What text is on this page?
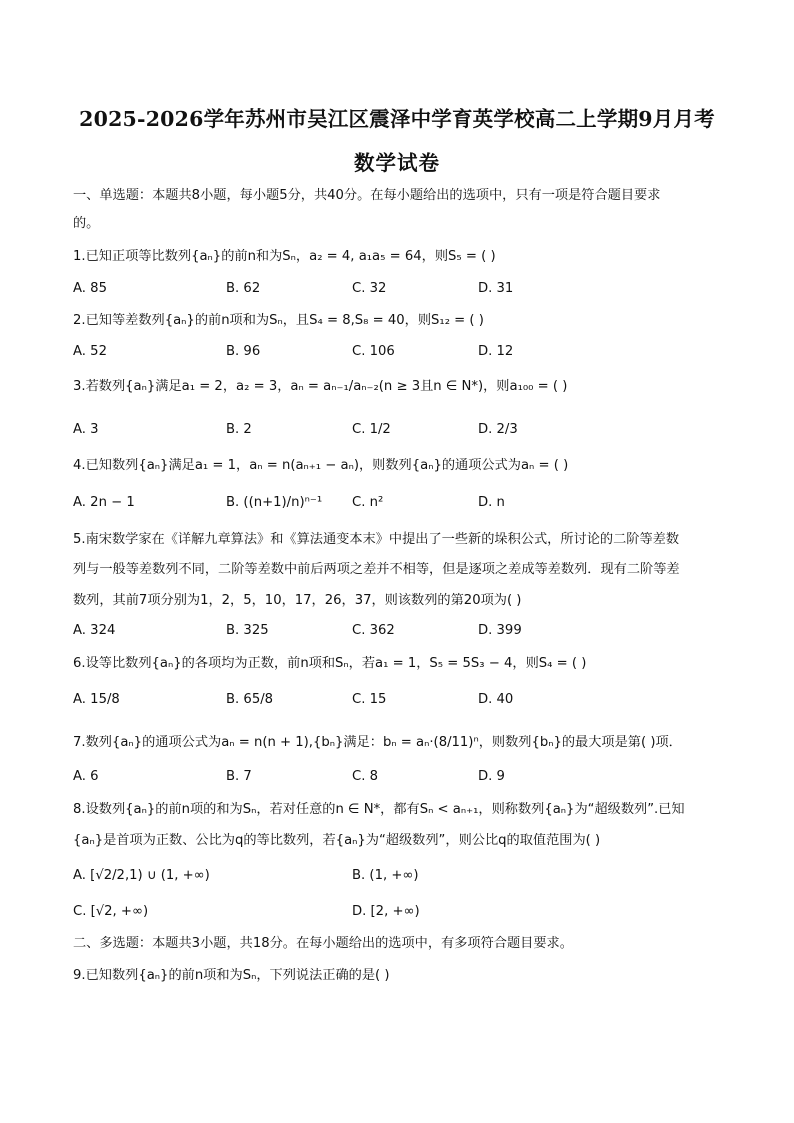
2025-2026学年苏州市吴江区震泽中学育英学校高二上学期9月月考
数学试卷
一、单选题：本题共8小题，每小题5分，共40分。在每小题给出的选项中，只有一项是符合题目要求
的。
1.已知正项等比数列{aₙ}的前n和为Sₙ，a₂ = 4, a₁a₅ = 64，则S₅ = ( )
A. 85	B. 62	C. 32	D. 31
2.已知等差数列{aₙ}的前n项和为Sₙ，且S₄ = 8,S₈ = 40，则S₁₂ = ( )
A. 52	B. 96	C. 106	D. 12
3.若数列{aₙ}满足a₁ = 2，a₂ = 3，aₙ = aₙ₋₁/aₙ₋₂(n ≥ 3且n ∈ N*)，则a₁₀₀ = ( )
A. 3	B. 2	C. 1/2	D. 2/3
4.已知数列{aₙ}满足a₁ = 1，aₙ = n(aₙ₊₁ − aₙ)，则数列{aₙ}的通项公式为aₙ = ( )
A. 2n − 1	B. ((n+1)/n)ⁿ⁻¹ C. n²	D. n
5.南宋数学家在《详解九章算法》和《算法通变本末》中提出了一些新的垛积公式，所讨论的二阶等差数
列与一般等差数列不同，二阶等差数中前后两项之差并不相等，但是逐项之差成等差数列．现有二阶等差
数列，其前7项分别为1，2，5，10，17，26，37，则该数列的第20项为( )
A. 324	B. 325	C. 362	D. 399
6.设等比数列{aₙ}的各项均为正数，前n项和Sₙ，若a₁ = 1，S₅ = 5S₃ − 4，则S₄ = ( )
A. 15/8	B. 65/8	C. 15	D. 40
7.数列{aₙ}的通项公式为aₙ = n(n + 1),{bₙ}满足：bₙ = aₙ·(8/11)ⁿ，则数列{bₙ}的最大项是第( )项．
A. 6	B. 7	C. 8	D. 9
8.设数列{aₙ}的前n项的和为Sₙ，若对任意的n ∈ N*，都有Sₙ < aₙ₊₁，则称数列{aₙ}为“超级数列”.已知
{aₙ}是首项为正数、公比为q的等比数列，若{aₙ}为“超级数列”，则公比q的取值范围为( )
A. [√2/2,1) ∪ (1, +∞)	B. (1, +∞)
C. [√2, +∞)	D. [2, +∞)
二、多选题：本题共3小题，共18分。在每小题给出的选项中，有多项符合题目要求。
9.已知数列{aₙ}的前n项和为Sₙ，下列说法正确的是( )
